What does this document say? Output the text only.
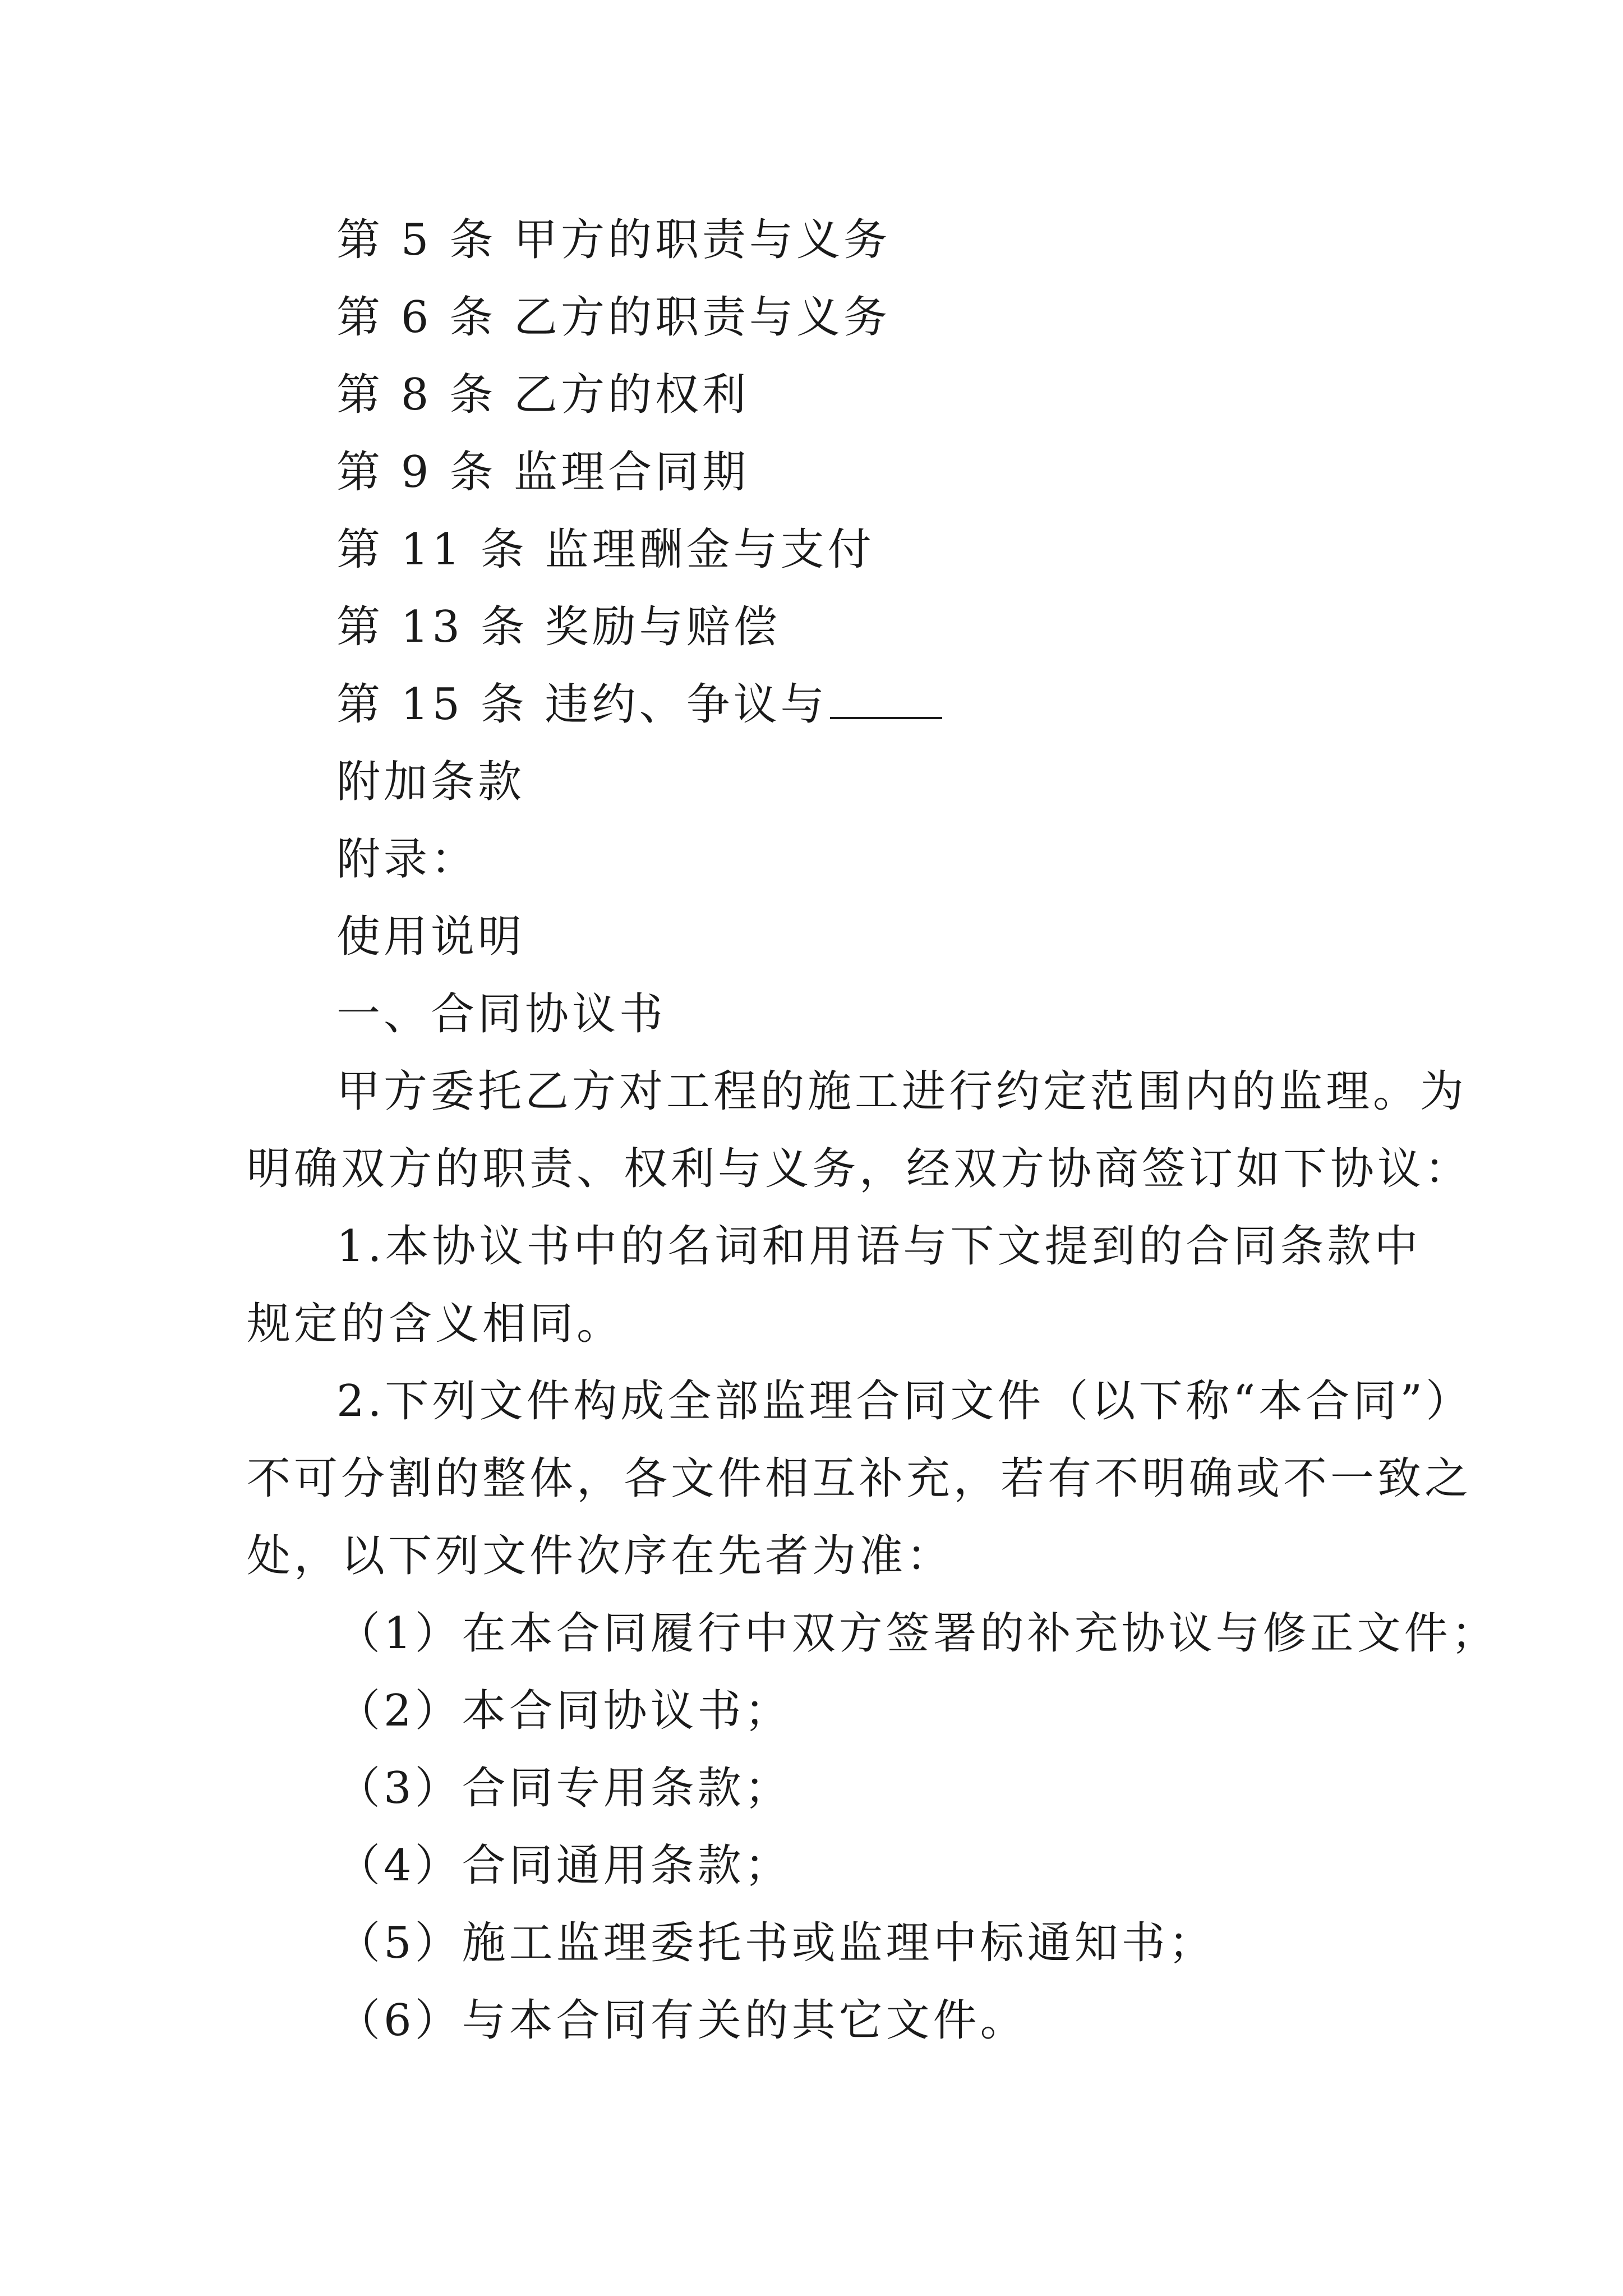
第 5 条 甲方的职责与义务
第 6 条 乙方的职责与义务
第 8 条 乙方的权利
第 9 条 监理合同期
第 11 条 监理酬金与支付
第 13 条 奖励与赔偿
第 15 条 违约、争议与
附加条款
附录：
使用说明
一、合同协议书
甲方委托乙方对工程的施工进行约定范围内的监理。为
明确双方的职责、权利与义务，经双方协商签订如下协议：
1.本协议书中的名词和用语与下文提到的合同条款中
规定的含义相同。
2.下列文件构成全部监理合同文件（以下称“本合同”）
不可分割的整体，各文件相互补充，若有不明确或不一致之
处，以下列文件次序在先者为准：
（1）在本合同履行中双方签署的补充协议与修正文件；
（2）本合同协议书；
（3）合同专用条款；
（4）合同通用条款；
（5）施工监理委托书或监理中标通知书；
（6）与本合同有关的其它文件。
